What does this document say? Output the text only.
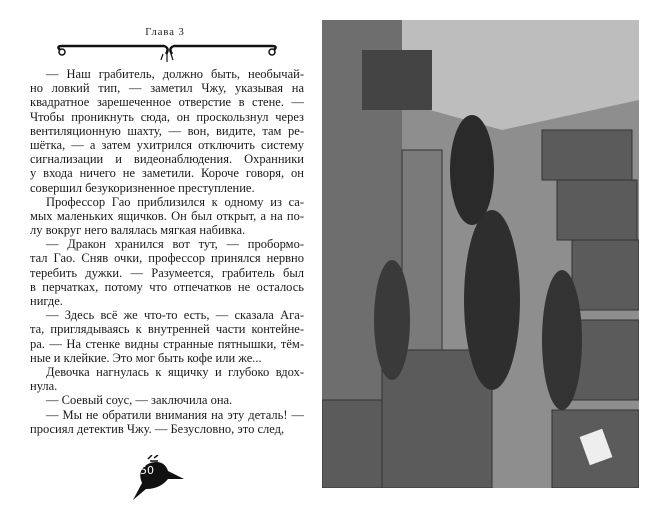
Глава 3
— Наш грабитель, должно быть, необычай-
но ловкий тип, — заметил Чжу, указывая на
квадратное зарешеченное отверстие в стене. —
Чтобы проникнуть сюда, он проскользнул через
вентиляционную шахту, — вон, видите, там ре-
шётка, — а затем ухитрился отключить систему
сигнализации и видеонаблюдения. Охранники
у входа ничего не заметили. Короче говоря, он
совершил безукоризненное преступление.
Профессор Гао приблизился к одному из са-
мых маленьких ящичков. Он был открыт, а на по-
лу вокруг него валялась мягкая набивка.
— Дракон хранился вот тут, — пробормо-
тал Гао. Сняв очки, профессор принялся нервно
теребить дужки. — Разумеется, грабитель был
в перчатках, потому что отпечатков не осталось
нигде.
— Здесь всё же что-то есть, — сказала Ага-
та, приглядываясь к внутренней части контейне-
ра. — На стенке видны странные пятнышки, тём-
ные и клейкие. Это мог быть кофе или же...
Девочка нагнулась к ящичку и глубоко вдох-
нула.
— Соевый соус, — заключила она.
— Мы не обратили внимания на эту деталь! —
просиял детектив Чжу. — Безусловно, это след,
50
